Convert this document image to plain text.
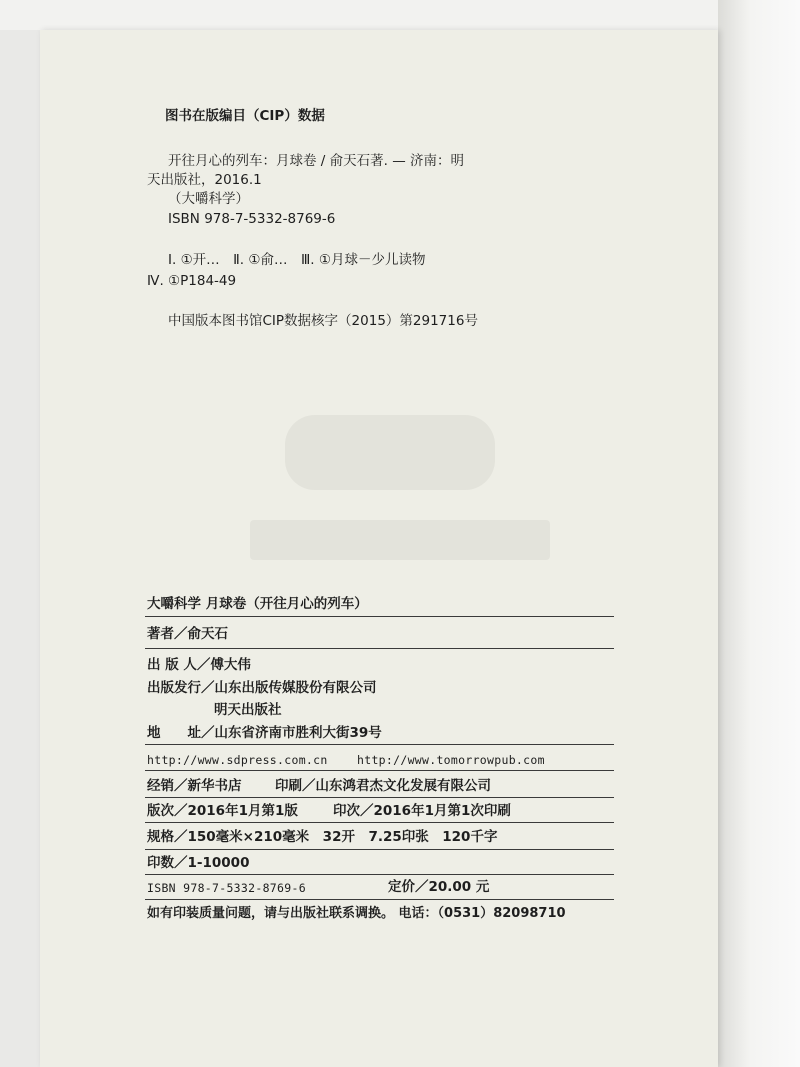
图书在版编目（CIP）数据
开往月心的列车：月球卷 / 俞天石著. — 济南：明
天出版社，2016.1
（大嚼科学）
ISBN 978-7-5332-8769-6
Ⅰ. ①开…　Ⅱ. ①俞…　Ⅲ. ①月球－少儿读物
Ⅳ. ①P184-49
中国版本图书馆CIP数据核字（2015）第291716号
大嚼科学 月球卷（开往月心的列车）
著者／俞天石
出 版 人／傅大伟
出版发行／山东出版传媒股份有限公司
明天出版社
地　　址／山东省济南市胜利大街39号
http://www.sdpress.com.cn	http://www.tomorrowpub.com
经销／新华书店 印刷／山东鸿君杰文化发展有限公司
版次／2016年1月第1版	印次／2016年1月第1次印刷
规格／150毫米×210毫米　32开　7.25印张　120千字
印数／1-10000
ISBN 978-7-5332-8769-6	定价／20.00 元
如有印装质量问题，请与出版社联系调换。 电话：（0531）82098710
